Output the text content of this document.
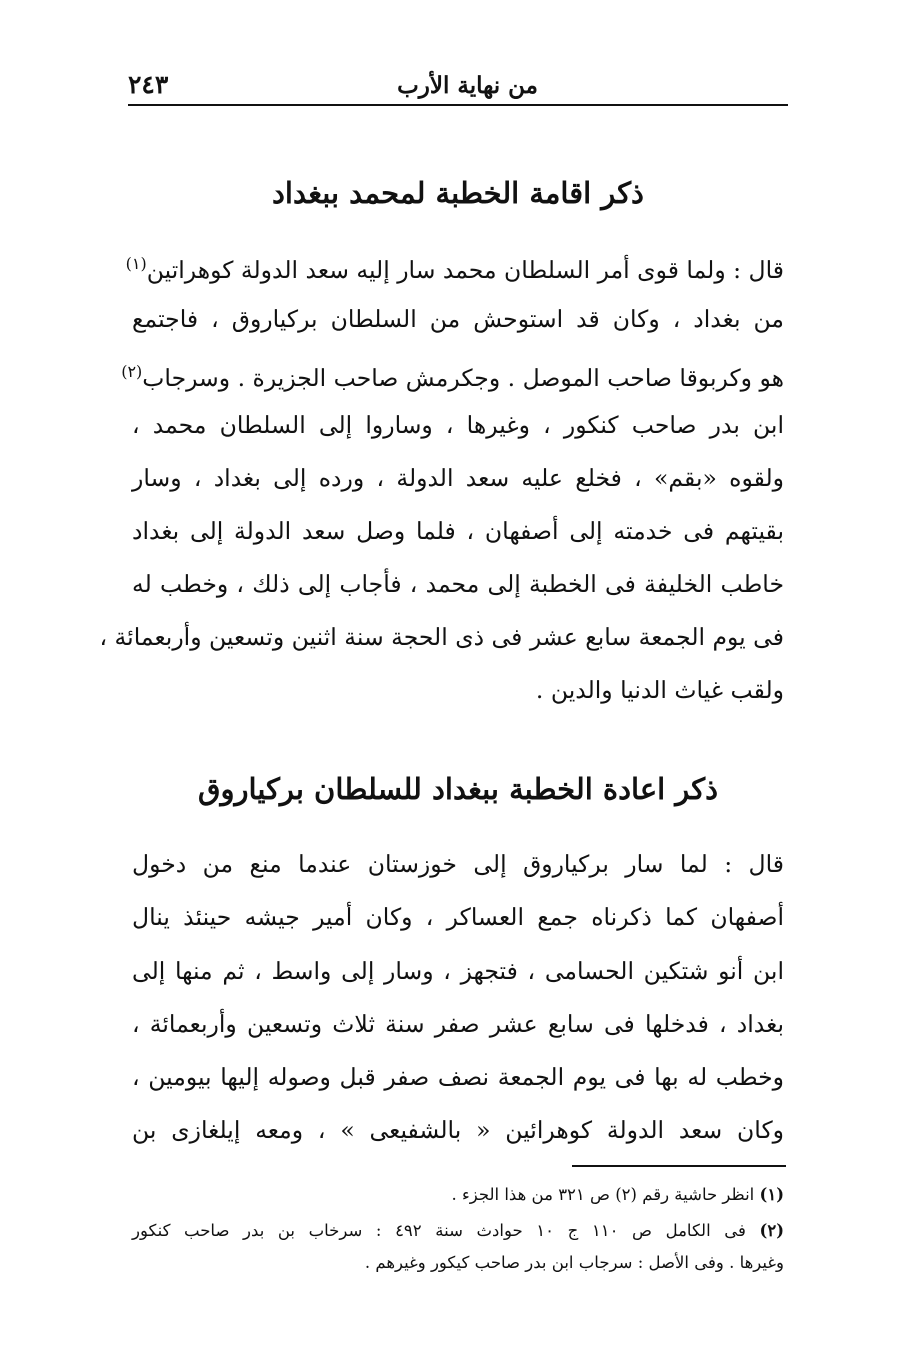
من نهاية الأرب
٢٤٣
ذكر اقامة الخطبة لمحمد ببغداد
قال : ولما قوى أمر السلطان محمد سار إليه سعد الدولة كوهراتين$^{(١)}$
من بغداد ، وكان قد استوحش من السلطان بركياروق ، فاجتمع
هو وكربوقا صاحب الموصل . وجكرمش صاحب الجزيرة . وسرجاب$^{(٢)}$
ابن بدر صاحب كنكور ، وغيرها ، وساروا إلى السلطان محمد ،
ولقوه «بقم» ، فخلع عليه سعد الدولة ، ورده إلى بغداد ، وسار
بقيتهم فى خدمته إلى أصفهان ، فلما وصل سعد الدولة إلى بغداد
خاطب الخليفة فى الخطبة إلى محمد ، فأجاب إلى ذلك ، وخطب له
فى يوم الجمعة سابع عشر فى ذى الحجة سنة اثنين وتسعين وأربعمائة ،
ولقب غياث الدنيا والدين .
ذكر اعادة الخطبة ببغداد للسلطان بركياروق
قال : لما سار بركياروق إلى خوزستان عندما منع من دخول
أصفهان كما ذكرناه جمع العساكر ، وكان أمير جيشه حينئذ ينال
ابن أنو شتكين الحسامى ، فتجهز ، وسار إلى واسط ، ثم منها إلى
بغداد ، فدخلها فى سابع عشر صفر سنة ثلاث وتسعين وأربعمائة ،
وخطب له بها فى يوم الجمعة نصف صفر قبل وصوله إليها بيومين ،
وكان سعد الدولة كوهرائين « بالشفيعى » ، ومعه إيلغازى بن
(١) انظر حاشية رقم (٢) ص ٣٢١ من هذا الجزء .
(٢) فى الكامل ص ١١٠ ج ١٠ حوادث سنة ٤٩٢ : سرخاب بن بدر صاحب كنكور
وغيرها . وفى الأصل : سرجاب ابن بدر صاحب كيكور وغيرهم .
